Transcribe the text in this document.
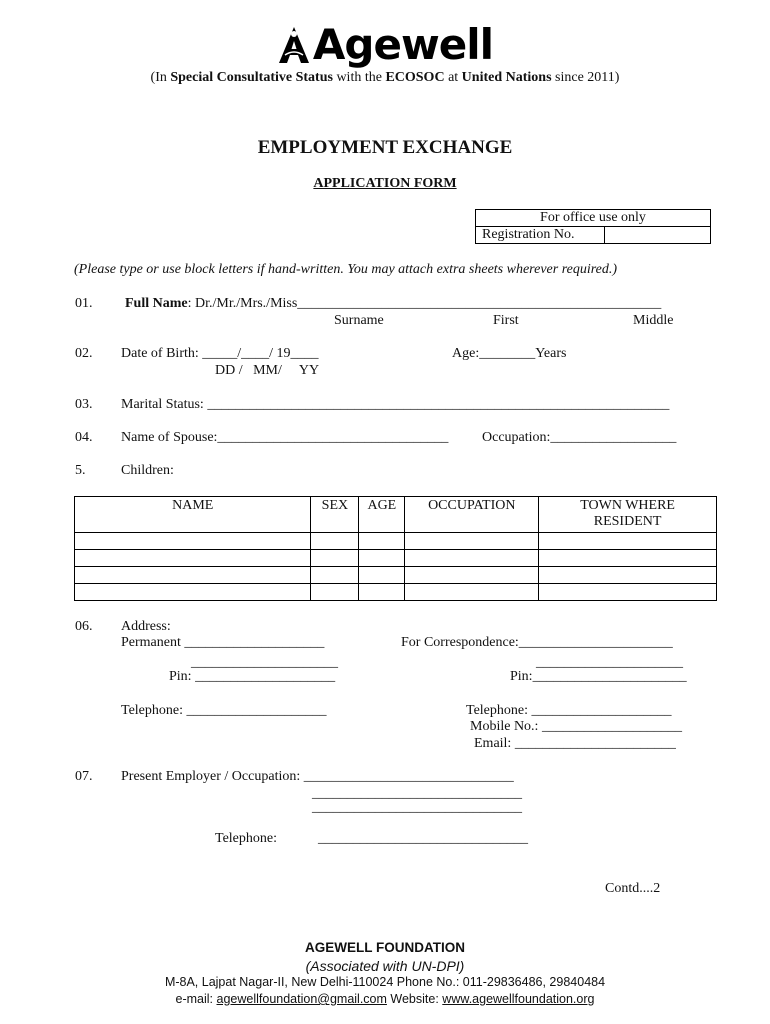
Agewell
(In Special Consultative Status with the ECOSOC at United Nations since 2011)
EMPLOYMENT EXCHANGE
APPLICATION FORM
For office use only
Registration No.
(Please type or use block letters if hand-written. You may attach extra sheets wherever required.)
01. Full Name: Dr./Mr./Mrs./Miss____________________________________________________
Surname	First	Middle
02. Date of Birth: _____/____/ 19____
DD /   MM/     YY
Age:________Years
03. Marital Status: __________________________________________________________________
04. Name of Spouse:_________________________________ Occupation:__________________
5.	Children:
NAME	SEX	AGE	OCCUPATION	TOWN WHERE RESIDENT

06. Address:
Permanent ____________________
_____________________
Pin: ____________________
Telephone: ____________________
For Correspondence:______________________
_____________________
Pin:______________________
Telephone: ____________________
Mobile No.: ____________________
Email: _______________________
07. Present Employer / Occupation: ______________________________
______________________________
______________________________
Telephone:	______________________________
Contd....2
AGEWELL FOUNDATION
(Associated with UN-DPI)
M-8A, Lajpat Nagar-II, New Delhi-110024 Phone No.: 011-29836486, 29840484
e-mail: agewellfoundation@gmail.com Website: www.agewellfoundation.org
